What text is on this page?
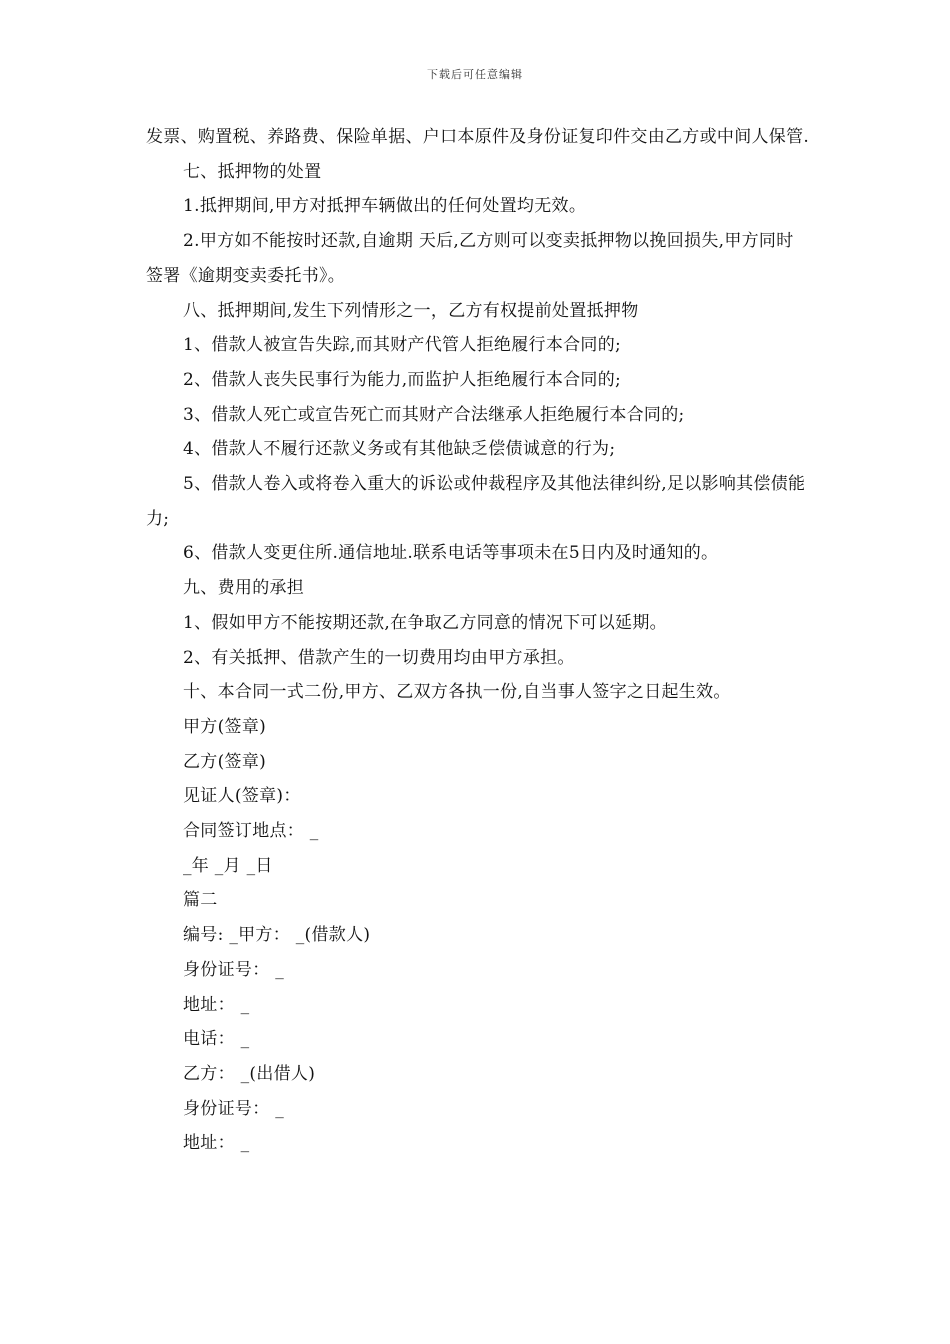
下载后可任意编辑

发票、购置税、养路费、保险单据、户口本原件及身份证复印件交由乙方或中间人保管.

七、抵押物的处置

1.抵押期间,甲方对抵押车辆做出的任何处置均无效。

2.甲方如不能按时还款,自逾期 天后,乙方则可以变卖抵押物以挽回损失,甲方同时签署《逾期变卖委托书》。

八、抵押期间,发生下列情形之一，乙方有权提前处置抵押物

1、借款人被宣告失踪,而其财产代管人拒绝履行本合同的;

2、借款人丧失民事行为能力,而监护人拒绝履行本合同的;

3、借款人死亡或宣告死亡而其财产合法继承人拒绝履行本合同的;

4、借款人不履行还款义务或有其他缺乏偿债诚意的行为;

5、借款人卷入或将卷入重大的诉讼或仲裁程序及其他法律纠纷,足以影响其偿债能力;

6、借款人变更住所.通信地址.联系电话等事项未在5日内及时通知的。

九、费用的承担

1、假如甲方不能按期还款,在争取乙方同意的情况下可以延期。

2、有关抵押、借款产生的一切费用均由甲方承担。

十、本合同一式二份,甲方、乙双方各执一份,自当事人签字之日起生效。

甲方(签章)

乙方(签章)

见证人(签章)：

合同签订地点： _

_年 _月 _日

篇二

编号: _甲方： _(借款人)

身份证号： _

地址： _

电话： _

乙方： _(出借人)

身份证号： _

地址： _
